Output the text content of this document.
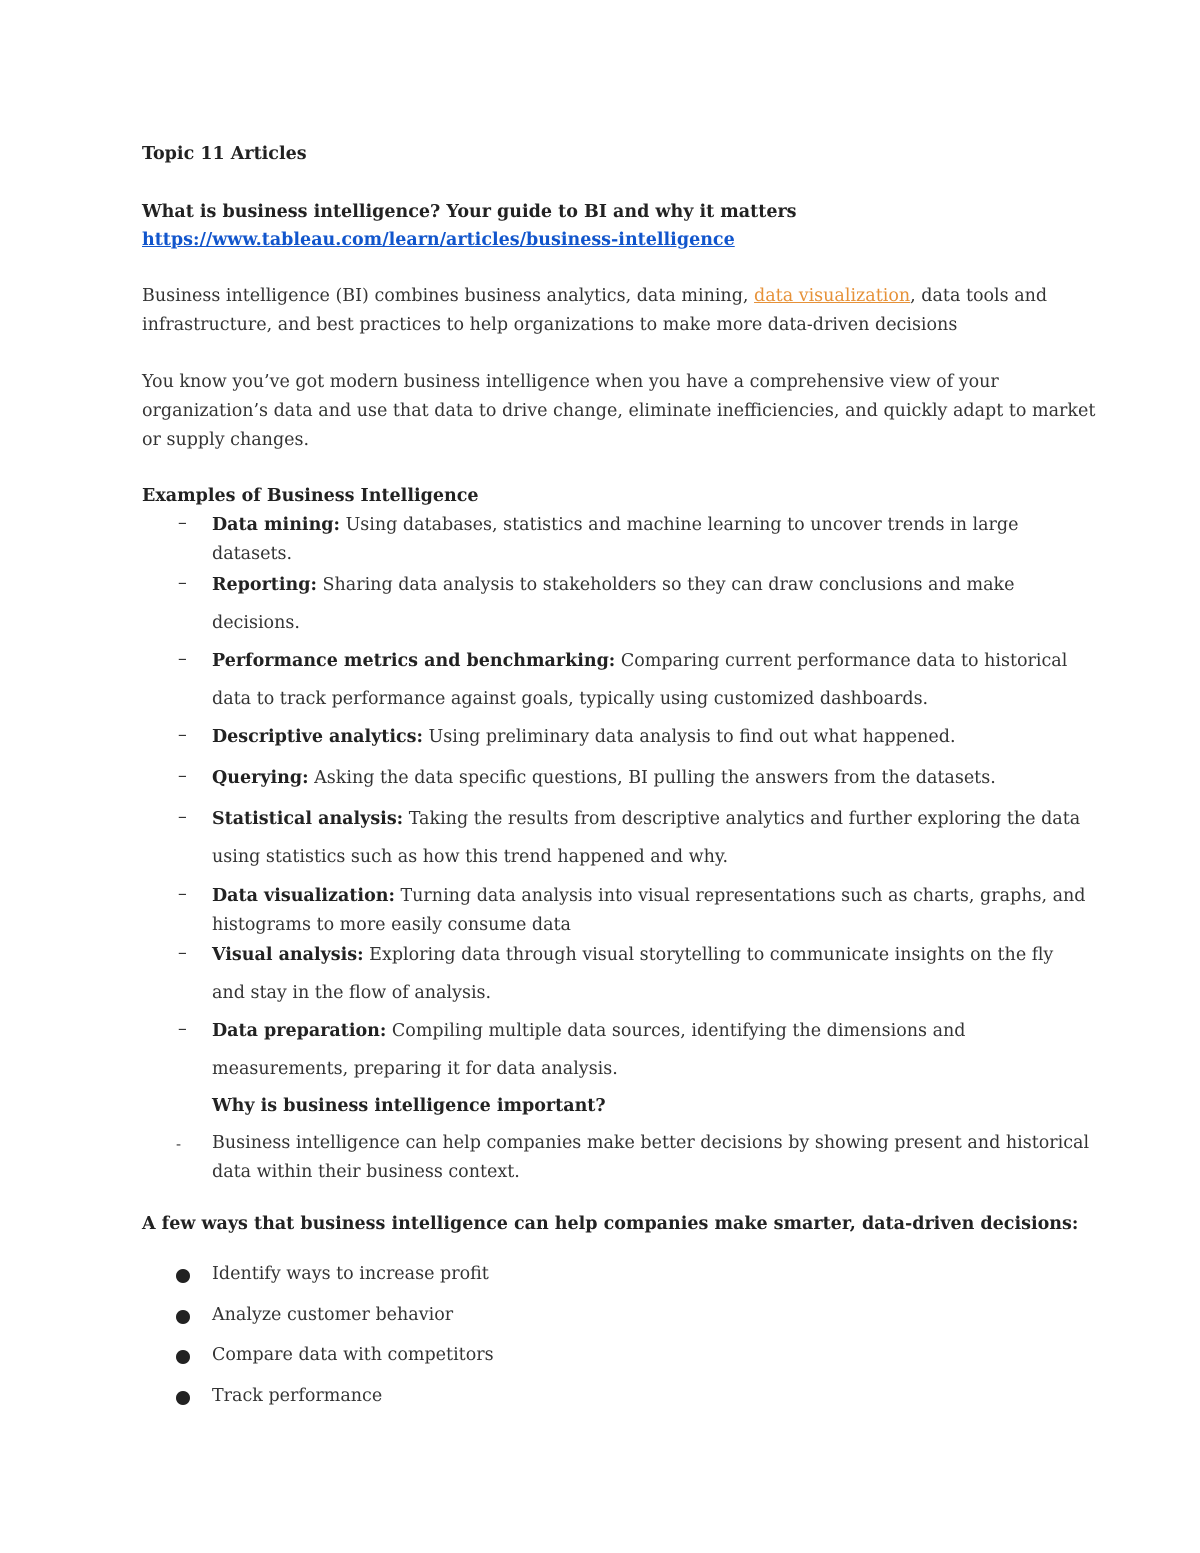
Topic 11 Articles
What is business intelligence? Your guide to BI and why it matters
https://www.tableau.com/learn/articles/business-intelligence
Business intelligence (BI) combines business analytics, data mining, data visualization, data tools and
infrastructure, and best practices to help organizations to make more data-driven decisions
You know you’ve got modern business intelligence when you have a comprehensive view of your
organization’s data and use that data to drive change, eliminate inefficiencies, and quickly adapt to market
or supply changes.
Examples of Business Intelligence
– Data mining: Using databases, statistics and machine learning to uncover trends in large
datasets.
– Reporting: Sharing data analysis to stakeholders so they can draw conclusions and make
decisions.
– Performance metrics and benchmarking: Comparing current performance data to historical
data to track performance against goals, typically using customized dashboards.
– Descriptive analytics: Using preliminary data analysis to find out what happened.
– Querying: Asking the data specific questions, BI pulling the answers from the datasets.
– Statistical analysis: Taking the results from descriptive analytics and further exploring the data
using statistics such as how this trend happened and why.
– Data visualization: Turning data analysis into visual representations such as charts, graphs, and
histograms to more easily consume data
– Visual analysis: Exploring data through visual storytelling to communicate insights on the fly
and stay in the flow of analysis.
– Data preparation: Compiling multiple data sources, identifying the dimensions and
measurements, preparing it for data analysis.
Why is business intelligence important?
- Business intelligence can help companies make better decisions by showing present and historical
data within their business context.
A few ways that business intelligence can help companies make smarter, data-driven decisions:
Identify ways to increase profit
Analyze customer behavior
Compare data with competitors
Track performance
